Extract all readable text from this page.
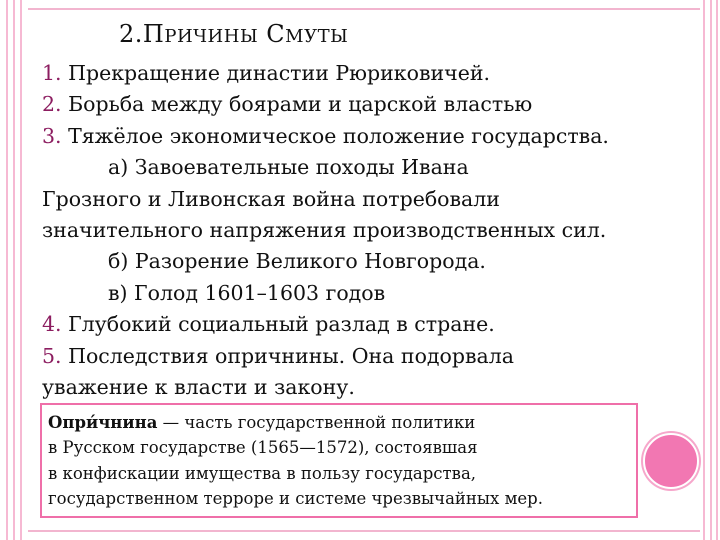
2.ПРИЧИНЫ СМУТЫ
1. Прекращение династии Рюриковичей.
2. Борьба между боярами и царской властью
3. Тяжёлое экономическое положение государства.
а) Завоевательные походы Ивана
Грозного и Ливонская война потребовали
значительного напряжения производственных сил.
б) Разорение Великого Новгорода.
в) Голод 1601–1603 годов
4. Глубокий социальный разлад в стране.
5. Последствия опричнины. Она подорвала
уважение к власти и закону.
Опри́чнина — часть государственной политики
в Русском государстве (1565—1572), состоявшая
в конфискации имущества в пользу государства,
государственном терроре и системе чрезвычайных мер.
